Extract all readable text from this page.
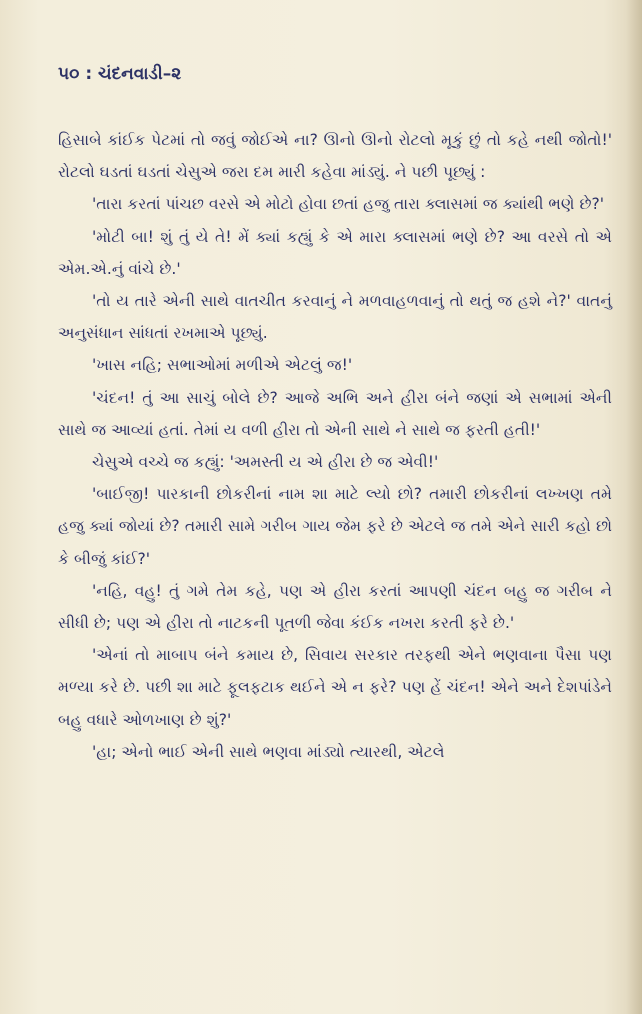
૫૦ : ચંદનવાડી–૨

હિસાબે કાંઈક પેટમાં તો જવું જોઈએ ના? ઊનો ઊનો રોટલો મૂકું છું તો કહે નથી જોતો!' રોટલો ઘડતાં ઘડતાં ચેસુએ જરા દમ મારી કહેવા માંડ્યું. ને પછી પૂછ્યું :

'તારા કરતાં પાંચછ વરસે એ મોટો હોવા છતાં હજુ તારા ક્લાસમાં જ ક્યાંથી ભણે છે?'

'મોટી બા! શું તું યે તે! મેં ક્યાં કહ્યું કે એ મારા ક્લાસમાં ભણે છે? આ વરસે તો એ એમ.એ.નું વાંચે છે.'

'તો ય તારે એની સાથે વાતચીત કરવાનું ને મળવાહળવાનું તો થતું જ હશે ને?' વાતનું અનુસંધાન સાંધતાં રખમાએ પૂછ્યું.

'ખાસ નહિ; સભાઓમાં મળીએ એટલું જ!'

'ચંદન! તું આ સાચું બોલે છે? આજે અભિ અને હીરા બંને જણાં એ સભામાં એની સાથે જ આવ્યાં હતાં. તેમાં ય વળી હીરા તો એની સાથે ને સાથે જ ફરતી હતી!'

ચેસુએ વચ્ચે જ કહ્યું: 'અમસ્તી ય એ હીરા છે જ એવી!'

'બાઈજી! પારકાની છોકરીનાં નામ શા માટે લ્યો છો? તમારી છોકરીનાં લખ્ખણ તમે હજુ ક્યાં જોયાં છે? તમારી સામે ગરીબ ગાય જેમ ફરે છે એટલે જ તમે એને સારી કહો છો કે બીજું કાંઈ?'

'નહિ, વહુ! તું ગમે તેમ કહે, પણ એ હીરા કરતાં આપણી ચંદન બહુ જ ગરીબ ને સીધી છે; પણ એ હીરા તો નાટકની પૂતળી જેવા કંઈક નખરા કરતી ફરે છે.'

'એનાં તો માબાપ બંને કમાય છે, સિવાય સરકાર તરફથી એને ભણવાના પૈસા પણ મળ્યા કરે છે. પછી શા માટે ફૂલફટાક થઈને એ ન ફરે? પણ હેં ચંદન! એને અને દેશપાંડેને બહુ વધારે ઓળખાણ છે શું?'

'હા; એનો ભાઈ એની સાથે ભણવા માંડ્યો ત્યારથી, એટલે
